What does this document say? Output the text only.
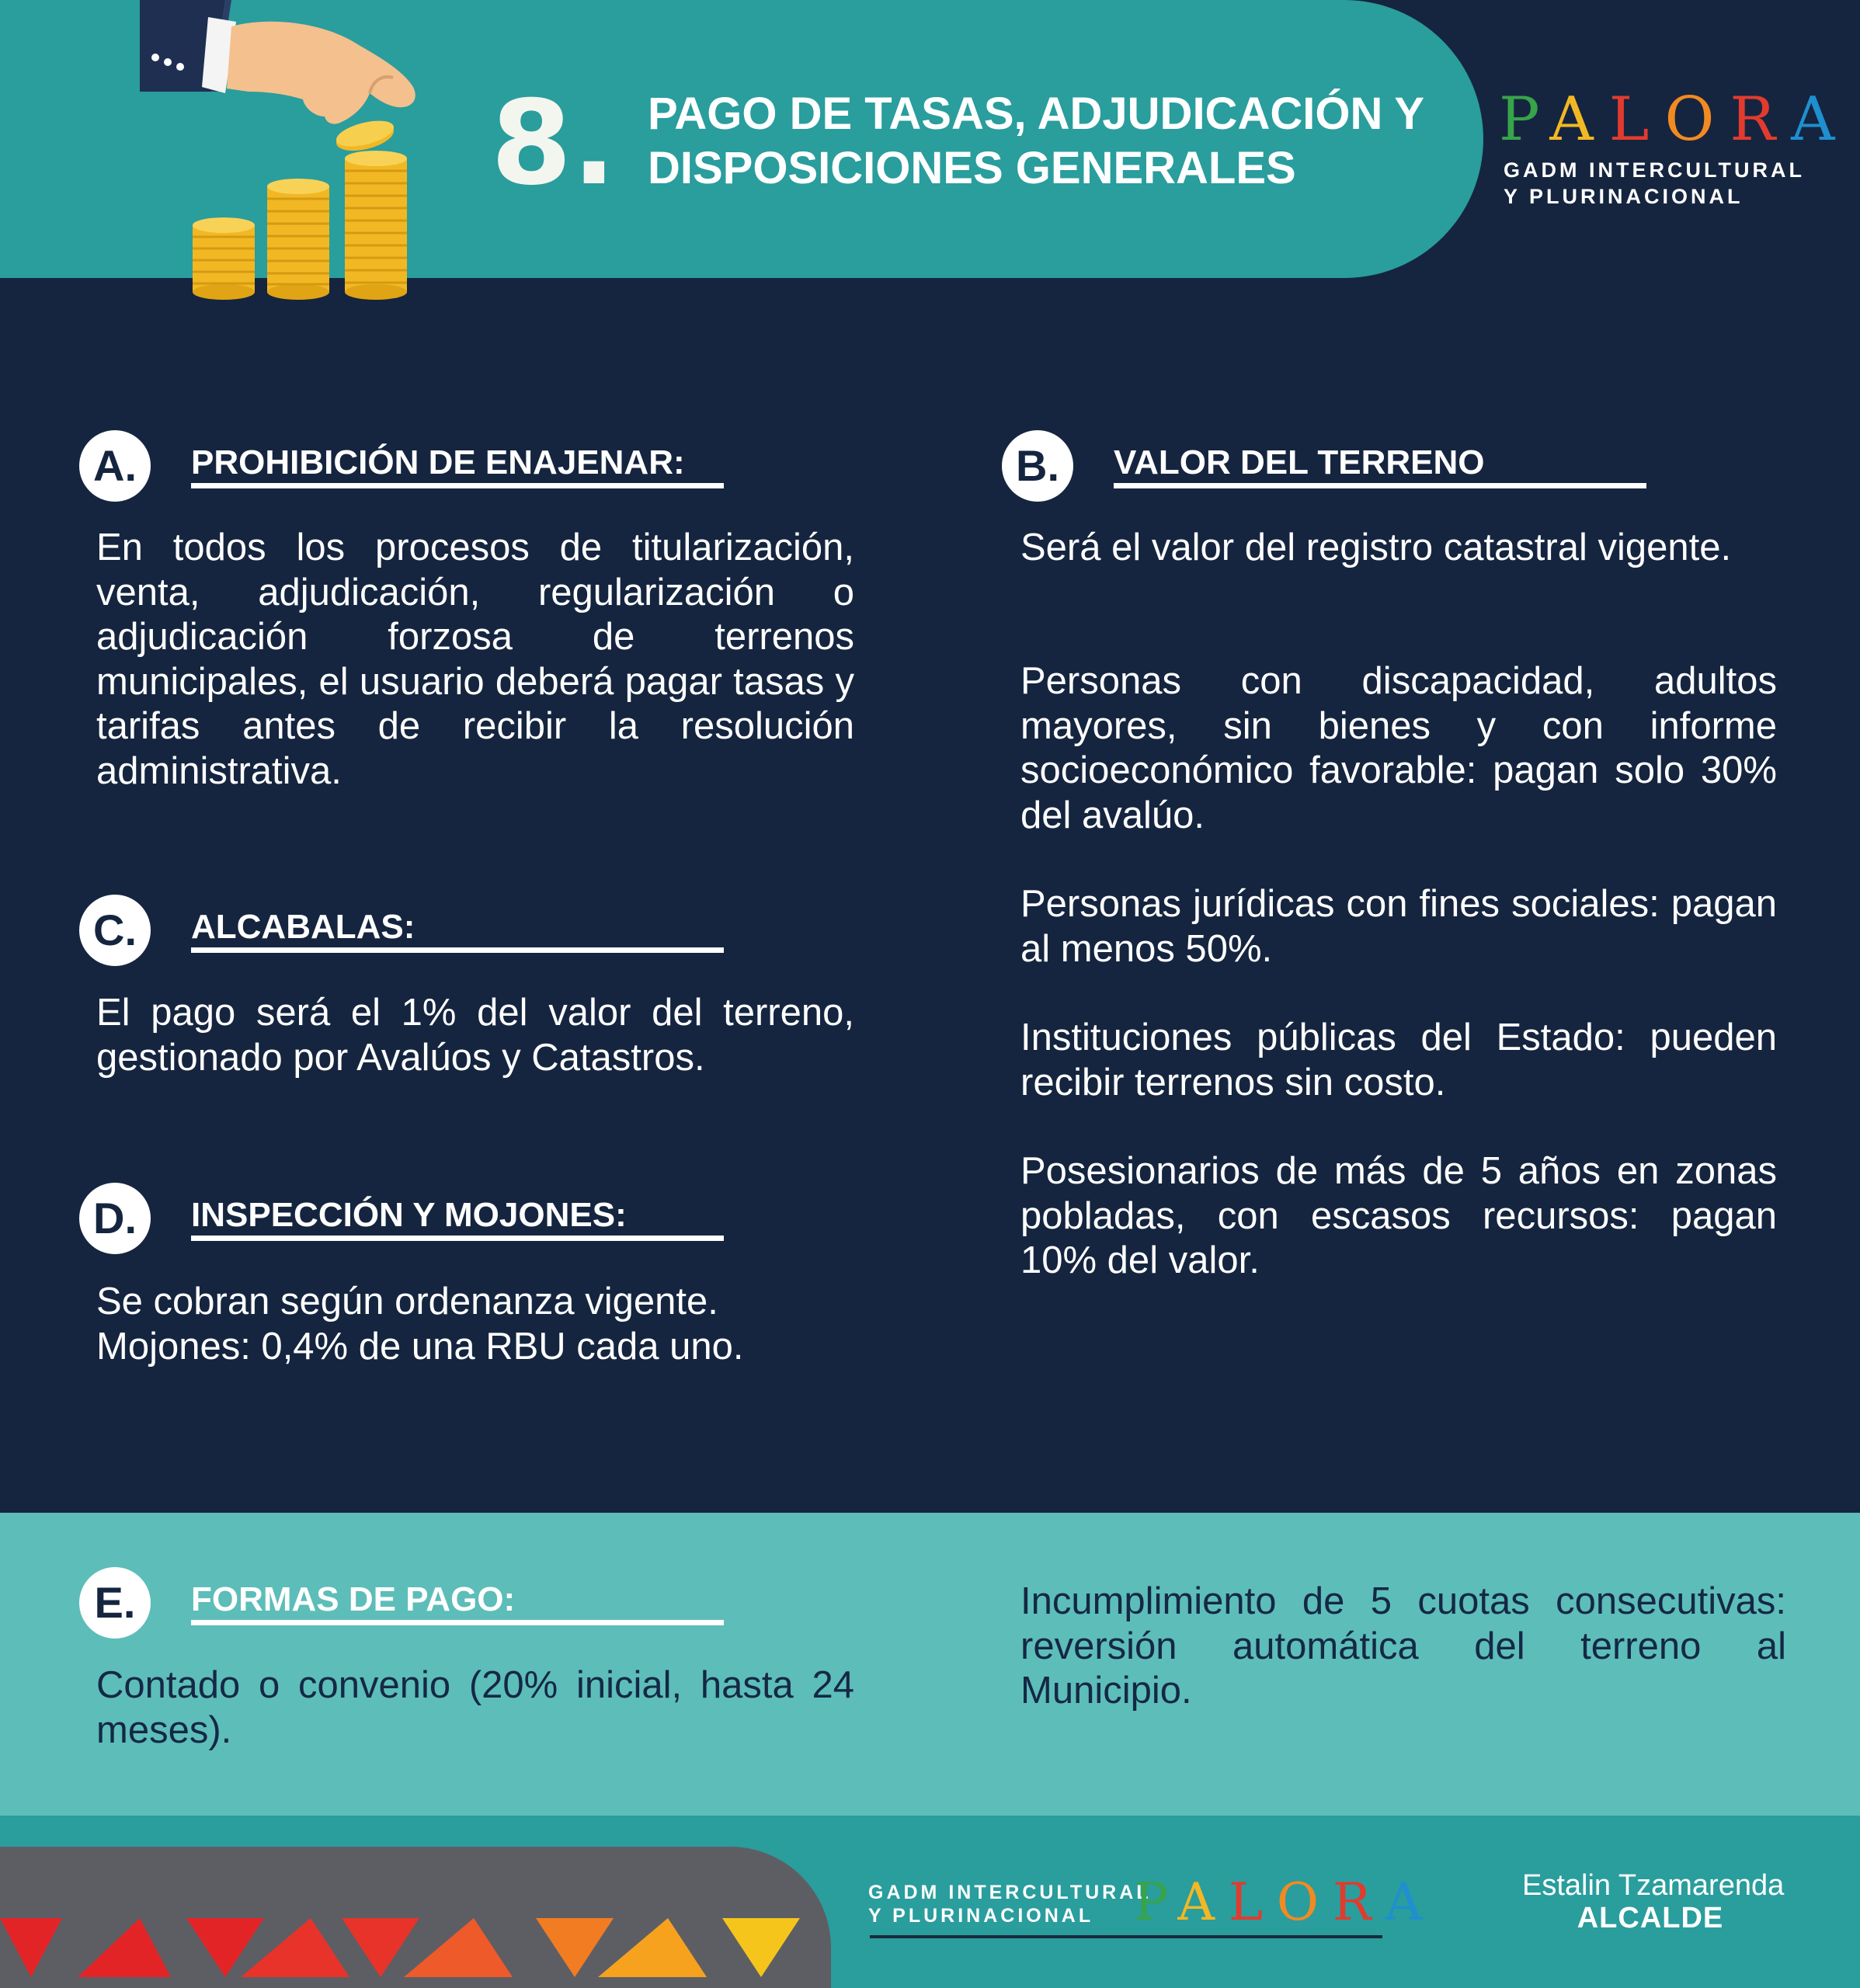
8. PAGO DE TASAS, ADJUDICACIÓN Y
DISPOSICIONES GENERALES
PALORA
GADM INTERCULTURAL
Y PLURINACIONAL
A.	PROHIBICIÓN DE ENAJENAR:

En todos los procesos de titularización, venta, adjudicación, regularización o adjudicación forzosa de terrenos municipales, el usuario deberá pagar tasas y tarifas antes de recibir la resolución administrativa.

B.	VALOR DEL TERRENO

Será el valor del registro catastral vigente.

Personas con discapacidad, adultos mayores, sin bienes y con informe socioeconómico favorable: pagan solo 30% del avalúo.

Personas jurídicas con fines sociales: pagan al menos 50%.

Instituciones públicas del Estado: pueden recibir terrenos sin costo.

Posesionarios de más de 5 años en zonas pobladas, con escasos recursos: pagan 10% del valor.

C.	ALCABALAS:

El pago será el 1% del valor del terreno, gestionado por Avalúos y Catastros.

D.	INSPECCIÓN Y MOJONES:
Se cobran según ordenanza vigente.
Mojones: 0,4% de una RBU cada uno.
E.	FORMAS DE PAGO:

Contado o convenio (20% inicial, hasta 24 meses).

Incumplimiento de 5 cuotas consecutivas: reversión automática del terreno al Municipio.

GADM INTERCULTURAL
Y PLURINACIONAL PALORA	Estalin Tzamarenda
ALCALDE
